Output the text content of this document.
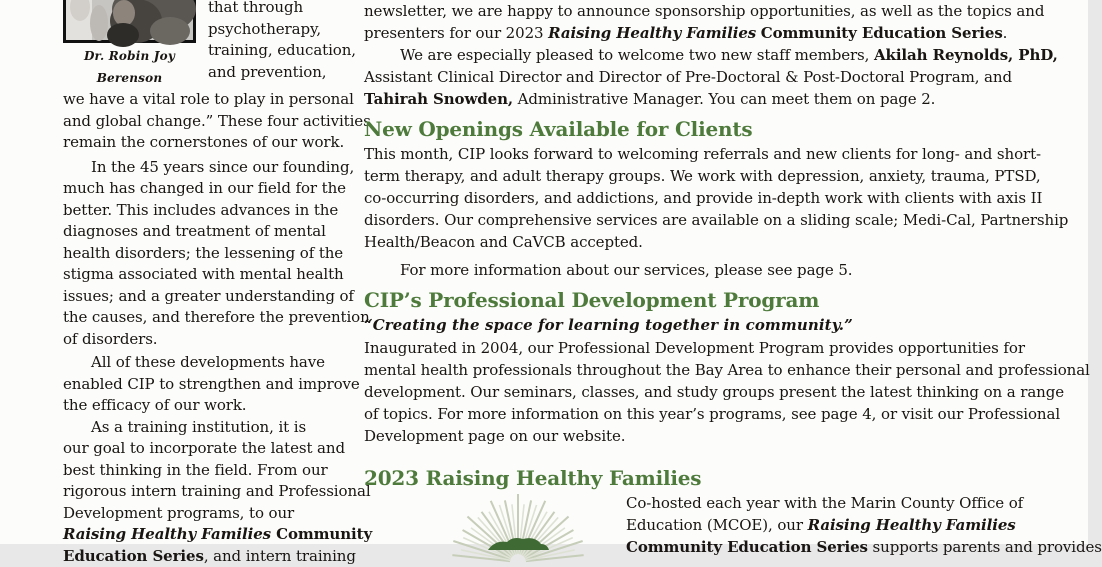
Dr. Robin Joy Berenson
that through
psychotherapy,
training, education,
and prevention,
we have a vital role to play in personal
and global change.” These four activities
remain the cornerstones of our work.
In the 45 years since our founding,
much has changed in our field for the
better. This includes advances in the
diagnoses and treatment of mental
health disorders; the lessening of the
stigma associated with mental health
issues; and a greater understanding of
the causes, and therefore the prevention
of disorders.
All of these developments have
enabled CIP to strengthen and improve
the efficacy of our work.
As a training institution, it is
our goal to incorporate the latest and
best thinking in the field. From our
rigorous intern training and Professional
Development programs, to our
Raising Healthy Families Community
Education Series, and intern training
newsletter, we are happy to announce sponsorship opportunities, as well as the topics and
presenters for our 2023 Raising Healthy Families Community Education Series.
We are especially pleased to welcome two new staff members, Akilah Reynolds, PhD,
Assistant Clinical Director and Director of Pre-Doctoral & Post-Doctoral Program, and
Tahirah Snowden, Administrative Manager. You can meet them on page 2.
New Openings Available for Clients
This month, CIP looks forward to welcoming referrals and new clients for long- and short-
term therapy, and adult therapy groups. We work with depression, anxiety, trauma, PTSD,
co-occurring disorders, and addictions, and provide in-depth work with clients with axis II
disorders. Our comprehensive services are available on a sliding scale; Medi-Cal, Partnership
Health/Beacon and CaVCB accepted.
For more information about our services, please see page 5.
CIP’s Professional Development Program
“Creating the space for learning together in community.”
Inaugurated in 2004, our Professional Development Program provides opportunities for
mental health professionals throughout the Bay Area to enhance their personal and professional
development. Our seminars, classes, and study groups present the latest thinking on a range
of topics. For more information on this year’s programs, see page 4, or visit our Professional
Development page on our website.
2023 Raising Healthy Families
Co-hosted each year with the Marin County Office of
Education (MCOE), our Raising Healthy Families
Community Education Series supports parents and provides
